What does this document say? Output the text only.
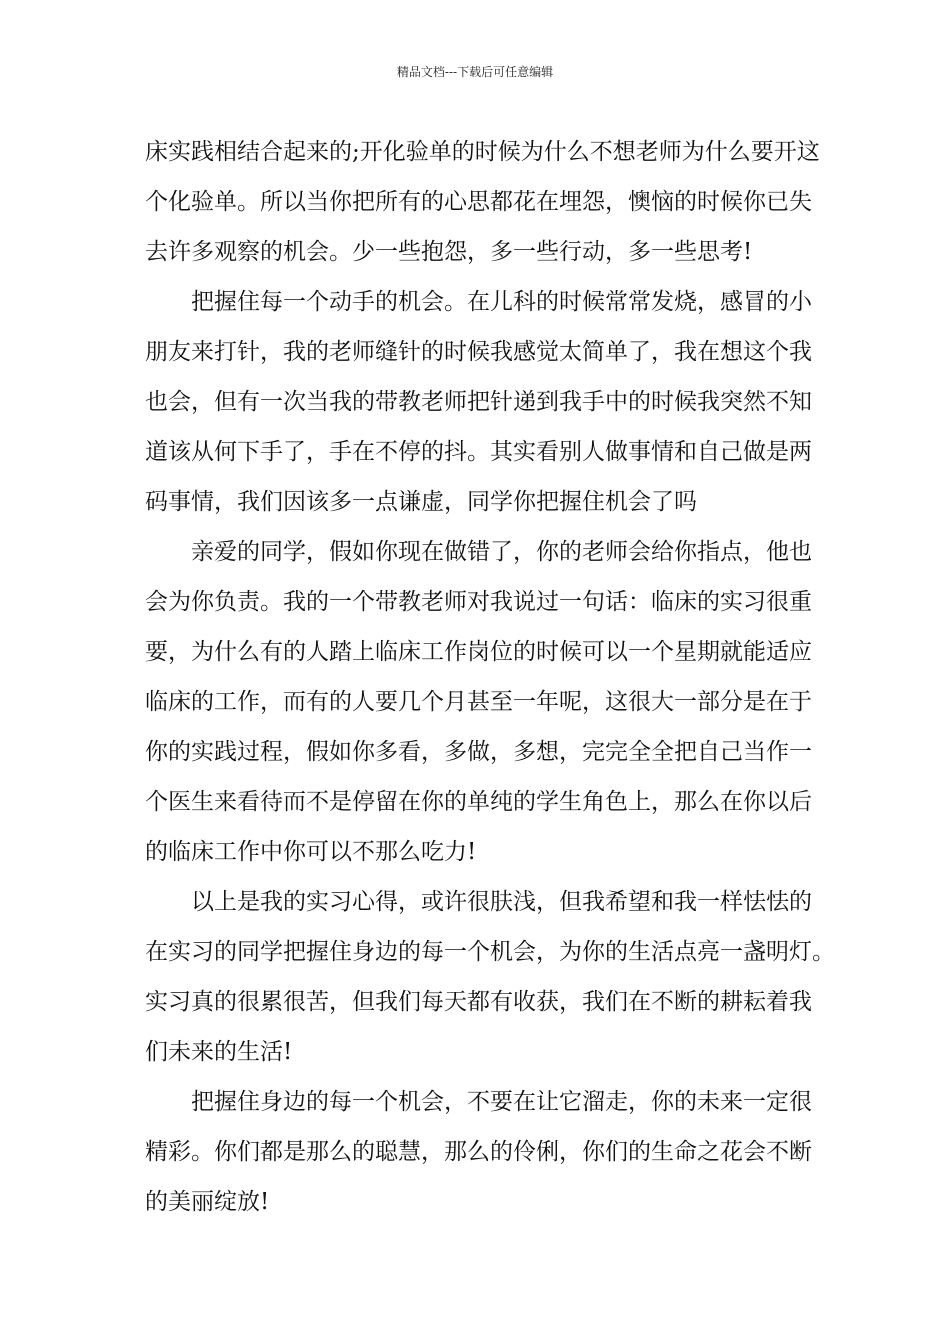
精品文档---下载后可任意编辑
床实践相结合起来的;开化验单的时候为什么不想老师为什么要开这
个化验单。所以当你把所有的心思都花在埋怨，懊恼的时候你已失
去许多观察的机会。少一些抱怨，多一些行动，多一些思考!
把握住每一个动手的机会。在儿科的时候常常发烧，感冒的小
朋友来打针，我的老师缝针的时候我感觉太简单了，我在想这个我
也会，但有一次当我的带教老师把针递到我手中的时候我突然不知
道该从何下手了，手在不停的抖。其实看别人做事情和自己做是两
码事情，我们因该多一点谦虚，同学你把握住机会了吗
亲爱的同学，假如你现在做错了，你的老师会给你指点，他也
会为你负责。我的一个带教老师对我说过一句话：临床的实习很重
要，为什么有的人踏上临床工作岗位的时候可以一个星期就能适应
临床的工作，而有的人要几个月甚至一年呢，这很大一部分是在于
你的实践过程，假如你多看，多做，多想，完完全全把自己当作一
个医生来看待而不是停留在你的单纯的学生角色上，那么在你以后
的临床工作中你可以不那么吃力!
以上是我的实习心得，或许很肤浅，但我希望和我一样怯怯的
在实习的同学把握住身边的每一个机会，为你的生活点亮一盏明灯。
实习真的很累很苦，但我们每天都有收获，我们在不断的耕耘着我
们未来的生活!
把握住身边的每一个机会，不要在让它溜走，你的未来一定很
精彩。你们都是那么的聪慧，那么的伶俐，你们的生命之花会不断
的美丽绽放!
